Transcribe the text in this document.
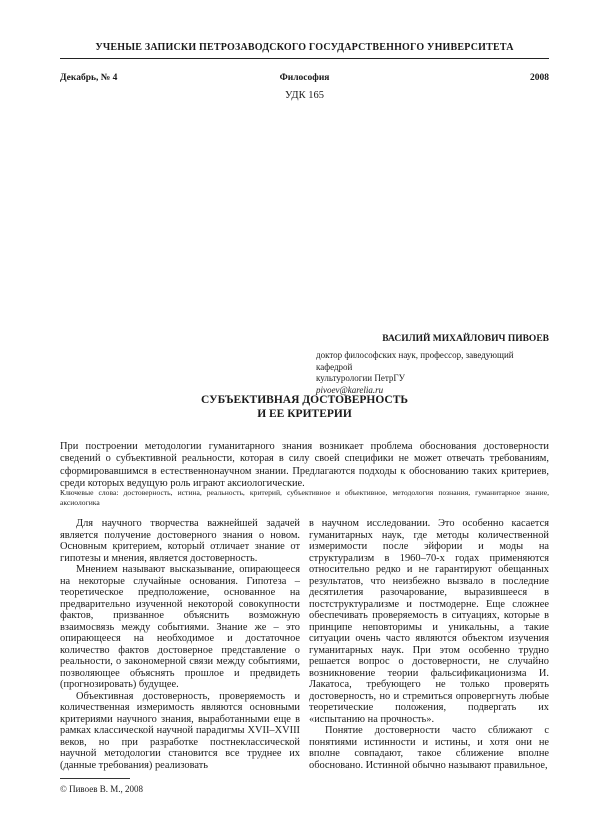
УЧЕНЫЕ ЗАПИСКИ ПЕТРОЗАВОДСКОГО ГОСУДАРСТВЕННОГО УНИВЕРСИТЕТА
Декабрь, № 4	Философия	2008
УДК 165
ВАСИЛИЙ МИХАЙЛОВИЧ ПИВОЕВ
доктор философских наук, профессор, заведующий кафедрой
культурологии ПетрГУ
pivoev@karelia.ru
СУБЪЕКТИВНАЯ ДОСТОВЕРНОСТЬ
И ЕЕ КРИТЕРИИ
При построении методологии гуманитарного знания возникает проблема обоснования достоверности сведений о субъективной реальности, которая в силу своей специфики не может отвечать требованиям, сформировавшимся в естественнонаучном знании. Предлагаются подходы к обоснованию таких критериев, среди которых ведущую роль играют аксиологические.
Ключевые слова: достоверность, истина, реальность, критерий, субъективное и объективное, методология познания, гуманитарное знание, аксиологика

Для научного творчества важнейшей задачей является получение достоверного знания о новом. Основным критерием, который отличает знание от гипотезы и мнения, является достоверность.

Мнением называют высказывание, опирающееся на некоторые случайные основания. Гипотеза – теоретическое предположение, основанное на предварительно изученной некоторой совокупности фактов, призванное объяснить возможную взаимосвязь между событиями. Знание же – это опирающееся на необходимое и достаточное количество фактов достоверное представление о реальности, о закономерной связи между событиями, позволяющее объяснять прошлое и предвидеть (прогнозировать) будущее.

Объективная достоверность, проверяемость и количественная измеримость являются основными критериями научного знания, выработанными еще в рамках классической научной парадигмы XVII–XVIII веков, но при разработке постнеклассической научной методологии становится все труднее их (данные требования) реализовать

в научном исследовании. Это особенно касается гуманитарных наук, где методы количественной измеримости после эйфории и моды на структурализм в 1960–70-х годах применяются относительно редко и не гарантируют обещанных результатов, что неизбежно вызвало в последние десятилетия разочарование, выразившееся в постструктурализме и постмодерне. Еще сложнее обеспечивать проверяемость в ситуациях, которые в принципе неповторимы и уникальны, а такие ситуации очень часто являются объектом изучения гуманитарных наук. При этом особенно трудно решается вопрос о достоверности, не случайно возникновение теории фальсификационизма И. Лакатоса, требующего не только проверять достоверность, но и стремиться опровергнуть любые теоретические положения, подвергать их «испытанию на прочность».

Понятие достоверности часто сближают с понятиями истинности и истины, и хотя они не вполне совпадают, такое сближение вполне обосновано. Истинной обычно называют правильное,

© Пивоев В. М., 2008
